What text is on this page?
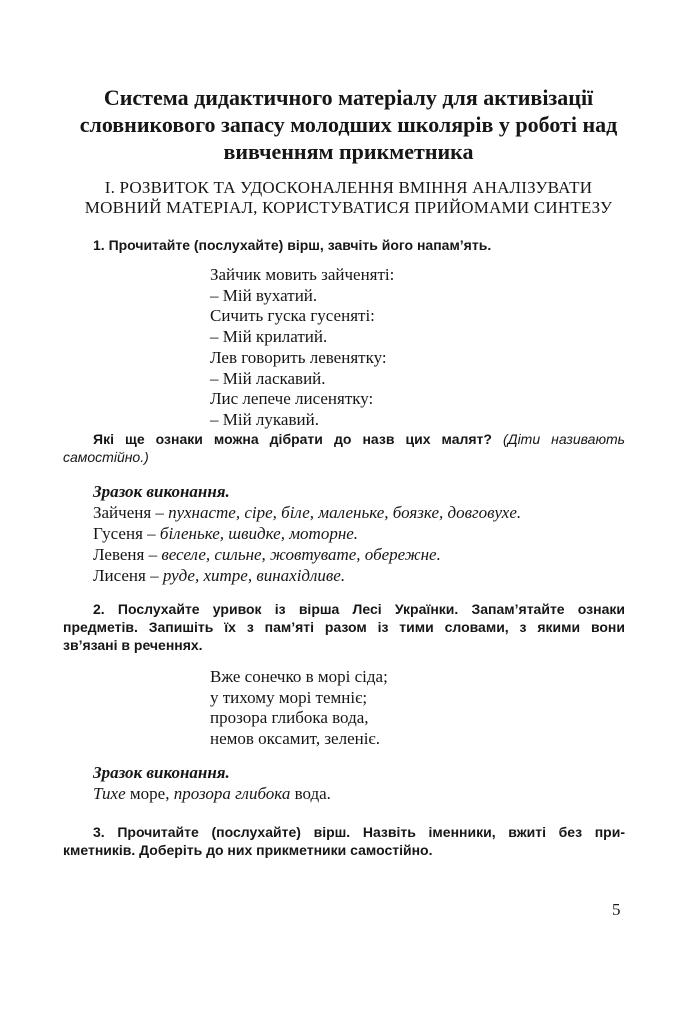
Система дидактичного матеріалу для активізації
словникового запасу молодших школярів у роботі над
вивченням прикметника
І. РОЗВИТОК ТА УДОСКОНАЛЕННЯ ВМІННЯ АНАЛІЗУВАТИ
МОВНИЙ МАТЕРІАЛ, КОРИСТУВАТИСЯ ПРИЙОМАМИ СИНТЕЗУ
1. Прочитайте (послухайте) вірш, завчіть його напам’ять.
Зайчик мовить зайченяті:
– Мій вухатий.
Сичить гуска гусеняті:
– Мій крилатий.
Лев говорить левенятку:
– Мій ласкавий.
Лис лепече лисенятку:
– Мій лукавий.
Які ще ознаки можна дібрати до назв цих малят? (Діти називають
самостійно.)
Зразок виконання.
Зайченя – пухнасте, сіре, біле, маленьке, боязке, довговухе.
Гусеня – біленьке, швидке, моторне.
Левеня – веселе, сильне, жовтувате, обережне.
Лисеня – руде, хитре, винахідливе.
2. Послухайте уривок із вірша Лесі Українки. Запам’ятайте ознаки
предметів. Запишіть їх з пам’яті разом із тими словами, з якими вони
зв’язані в реченнях.
Вже сонечко в морі сіда;
у тихому морі темніє;
прозора глибока вода,
немов оксамит, зеленіє.
Зразок виконання.
Тихе море, прозора глибока вода.
3. Прочитайте (послухайте) вірш. Назвіть іменники, вжиті без при-
кметників. Доберіть до них прикметники самостійно.
5
